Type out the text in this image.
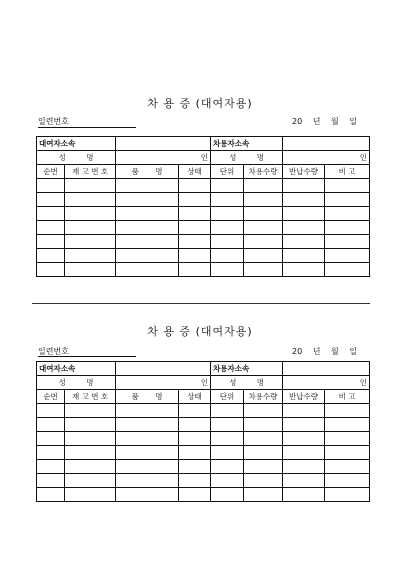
차 용 증 (대여자용)
일련번호	20 년 월 일
대여자소속				차용자소속			
성 명		인		성 명		인	
순번	재 고 번 호	품 명	상태	단위	차용수량	반납수량	비 고

차 용 증 (대여자용)
일련번호	20 년 월 일
대여자소속				차용자소속			
성 명		인		성 명		인	
순번	재 고 번 호	품 명	상태	단위	차용수량	반납수량	비 고
